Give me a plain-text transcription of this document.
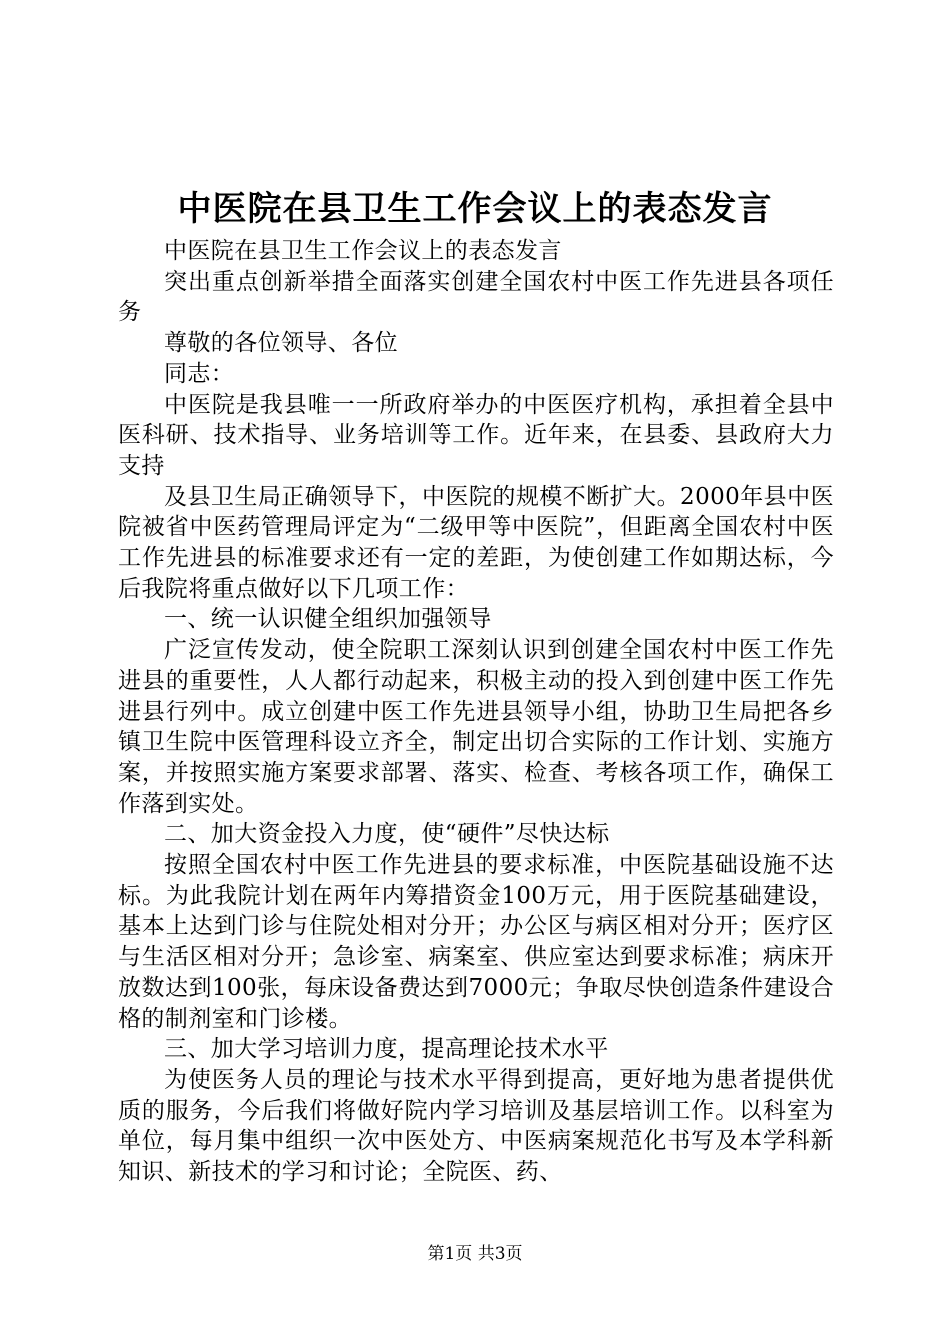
中医院在县卫生工作会议上的表态发言

中医院在县卫生工作会议上的表态发言

突出重点创新举措全面落实创建全国农村中医工作先进县各项任务

尊敬的各位领导、各位

同志：

中医院是我县唯一一所政府举办的中医医疗机构，承担着全县中医科研、技术指导、业务培训等工作。近年来，在县委、县政府大力支持

及县卫生局正确领导下，中医院的规模不断扩大。2000年县中医院被省中医药管理局评定为“二级甲等中医院”，但距离全国农村中医工作先进县的标准要求还有一定的差距，为使创建工作如期达标，今后我院将重点做好以下几项工作：

一、统一认识健全组织加强领导

广泛宣传发动，使全院职工深刻认识到创建全国农村中医工作先进县的重要性，人人都行动起来，积极主动的投入到创建中医工作先进县行列中。成立创建中医工作先进县领导小组，协助卫生局把各乡镇卫生院中医管理科设立齐全，制定出切合实际的工作计划、实施方案，并按照实施方案要求部署、落实、检查、考核各项工作，确保工作落到实处。

二、加大资金投入力度，使“硬件”尽快达标

按照全国农村中医工作先进县的要求标准，中医院基础设施不达标。为此我院计划在两年内筹措资金100万元，用于医院基础建设，基本上达到门诊与住院处相对分开；办公区与病区相对分开；医疗区与生活区相对分开；急诊室、病案室、供应室达到要求标准；病床开放数达到100张，每床设备费达到7000元；争取尽快创造条件建设合格的制剂室和门诊楼。

三、加大学习培训力度，提高理论技术水平

为使医务人员的理论与技术水平得到提高，更好地为患者提供优质的服务，今后我们将做好院内学习培训及基层培训工作。以科室为单位，每月集中组织一次中医处方、中医病案规范化书写及本学科新知识、新技术的学习和讨论；全院医、药、

第1页 共3页
